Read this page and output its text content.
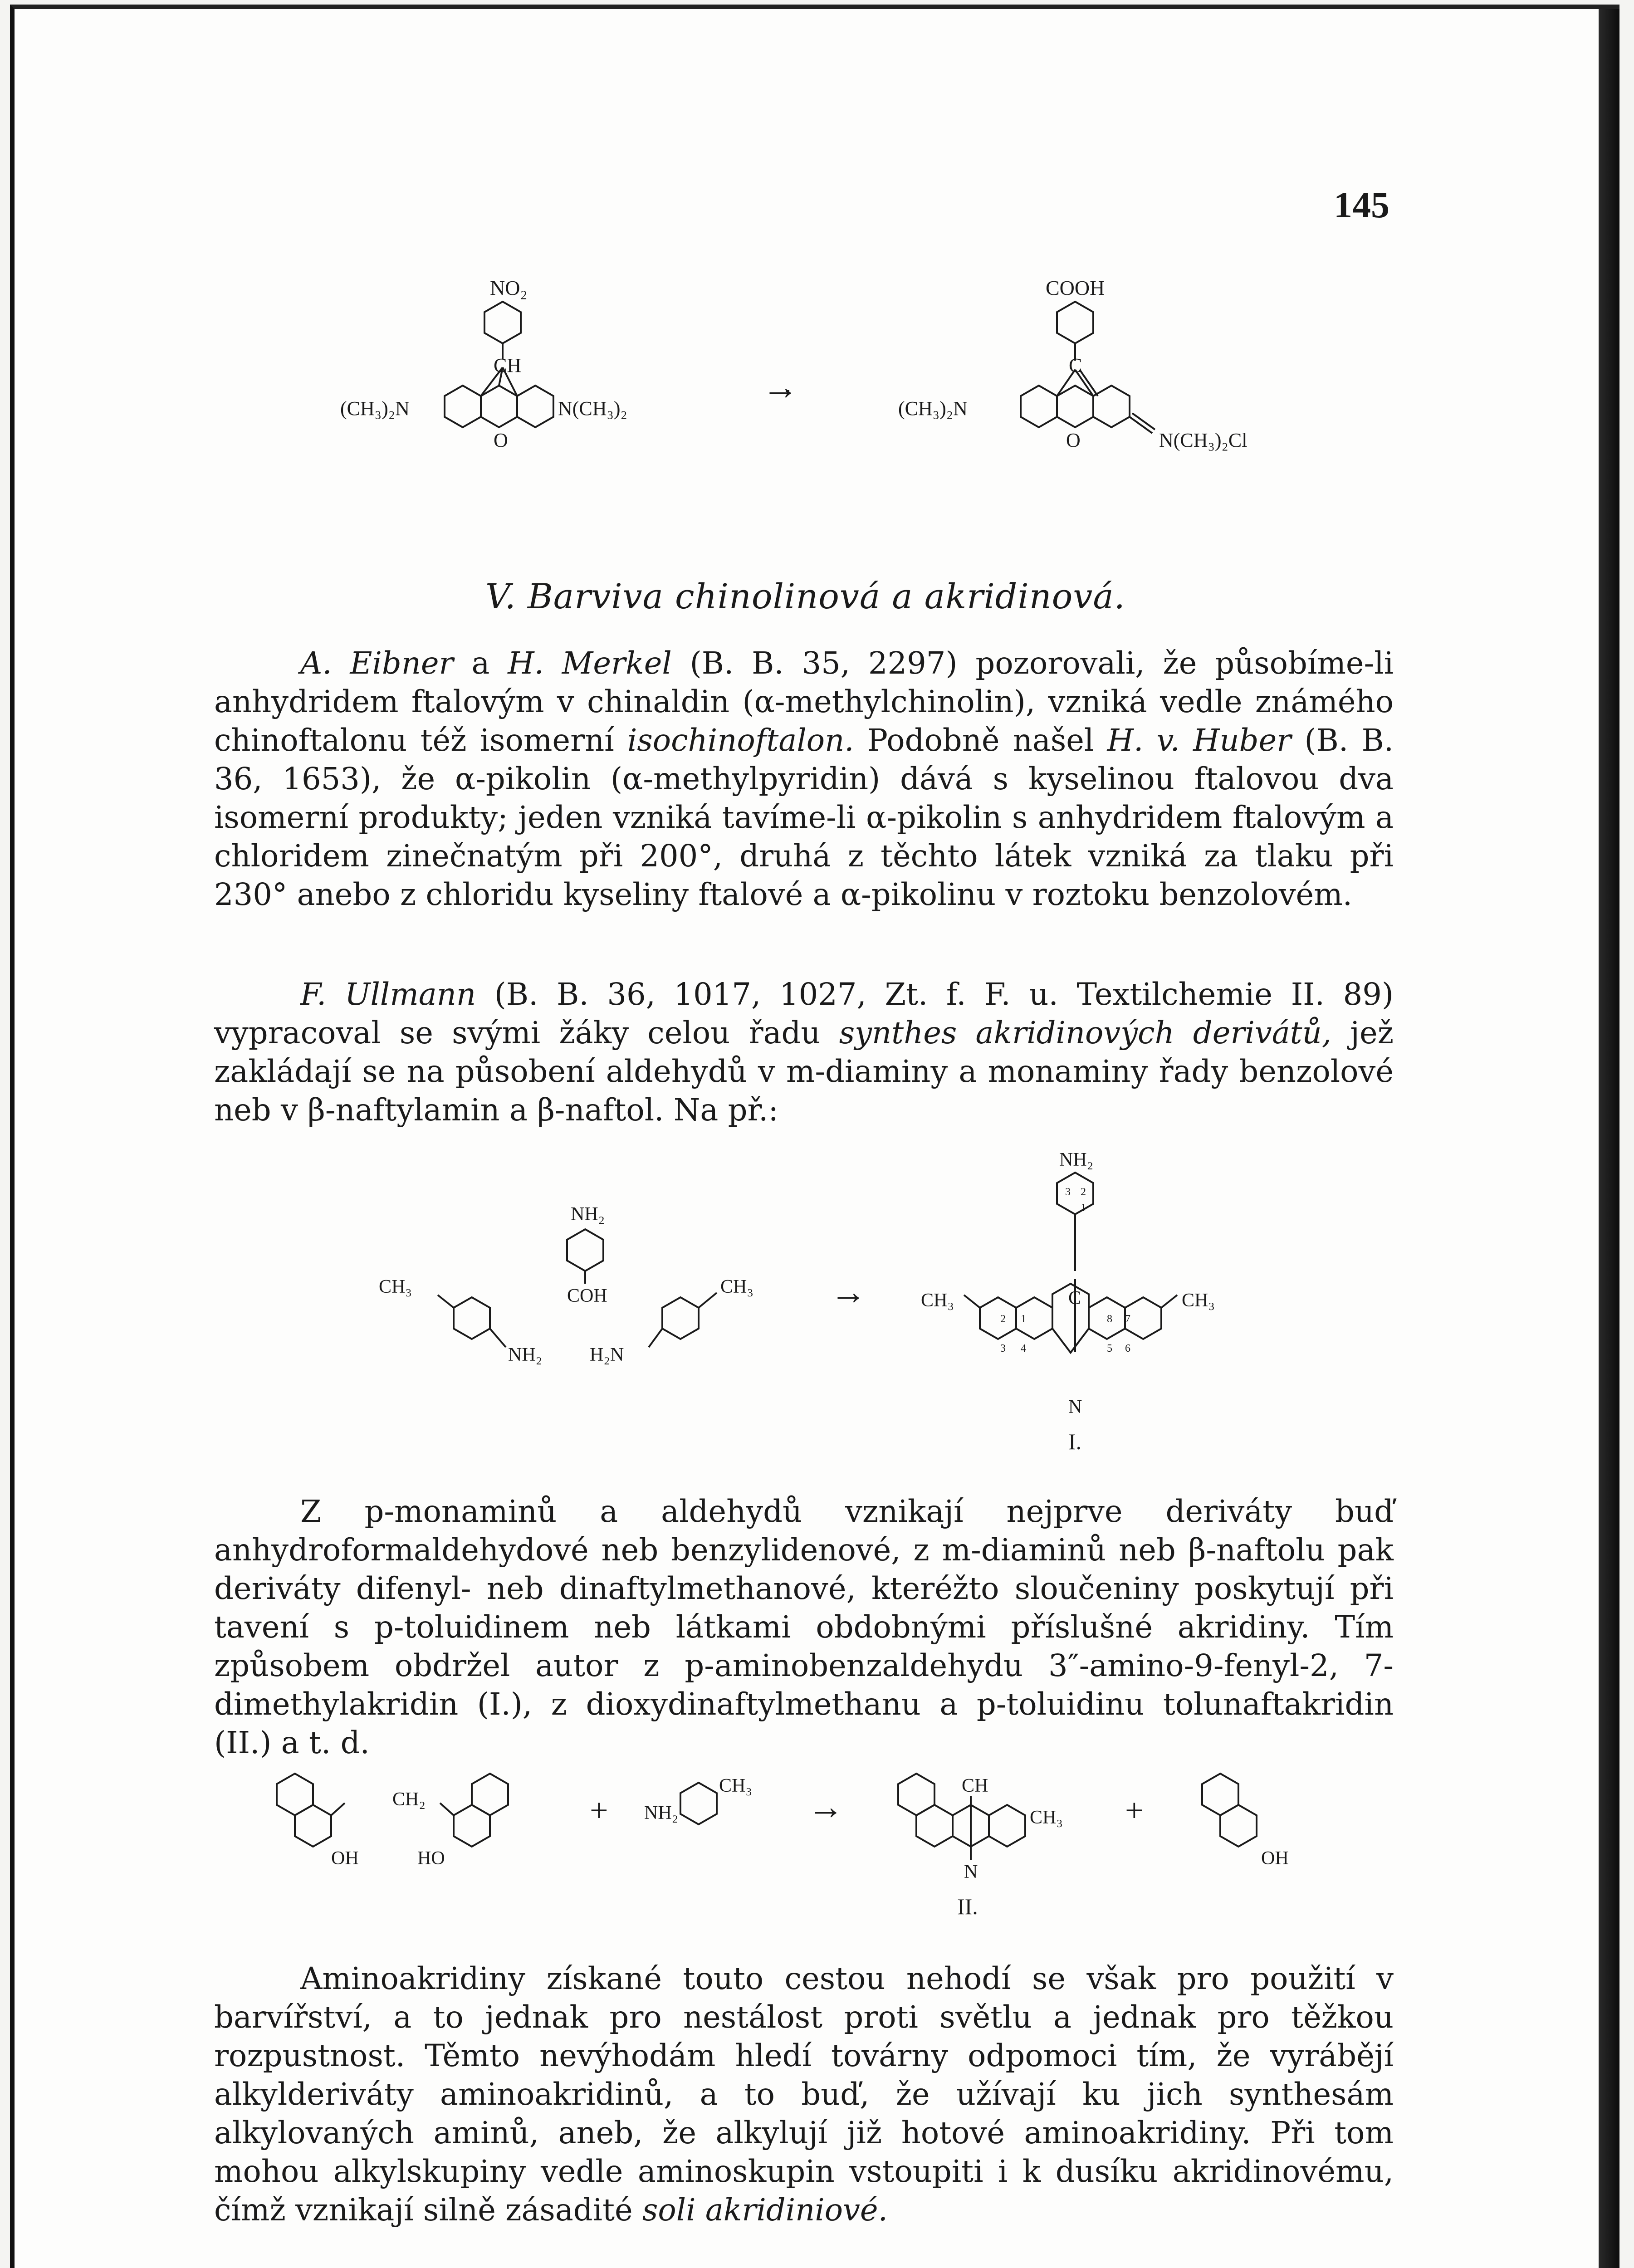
145
NO₂
CH
(CH₃)₂N	N(CH₃)₂
O
→
COOH
C
(CH₃)₂N
N(CH₃)₂Cl
O
V. Barviva chinolinová a akridinová.

A. Eibner a H. Merkel (B. B. 35, 2297) pozorovali, že působíme-li anhydridem ftalovým v chinaldin (α-methylchinolin), vzniká vedle známého chinoftalonu též isomerní isochinoftalon. Podobně našel H. v. Huber (B. B. 36, 1653), že α-pikolin (α-methylpyridin) dává s kyselinou ftalovou dva isomerní produkty; jeden vzniká tavíme-li α-pikolin s anhydridem ftalovým a chloridem zinečnatým při 200°, druhá z těchto látek vzniká za tlaku při 230° anebo z chloridu kyseliny ftalové a α-pikolinu v roztoku benzolovém.

F. Ullmann (B. B. 36, 1017, 1027, Zt. f. F. u. Textilchemie II. 89) vypracoval se svými žáky celou řadu synthes akridinových derivátů, jež zakládají se na působení aldehydů v m-diaminy a monaminy řady benzolové neb v β-naftylamin a β-naftol. Na př.:

CH₃
NH₂
COH	CH₃
NH₂ H₂N
→
NH₂
C
N
CH₃	CH₃
I.
3 2
1
2 1
3 4
8 7
5 6

Z p-monaminů a aldehydů vznikají nejprve deriváty buď anhydroformaldehydové neb benzylidenové, z m-diaminů neb β-naftolu pak deriváty difenyl- neb dinaftylmethanové, kteréžto sloučeniny poskytují při tavení s p-toluidinem neb látkami obdobnými příslušné akridiny. Tím způsobem obdržel autor z p-aminobenzaldehydu 3″-amino-9-fenyl-2, 7-dimethylakridin (I.), z dioxydinaftylmethanu a p-toluidinu tolunaftakridin (II.) a t. d.

CH₂
OH	HO
+ NH₂
CH₃
→
CH
N
CH₃
II.
+
OH

Aminoakridiny získané touto cestou nehodí se však pro použití v barvířství, a to jednak pro nestálost proti světlu a jednak pro těžkou rozpustnost. Těmto nevýhodám hledí továrny odpomoci tím, že vyrábějí alkylderiváty aminoakridinů, a to buď, že užívají ku jich synthesám alkylovaných aminů, aneb, že alkylují již hotové aminoakridiny. Při tom mohou alkylskupiny vedle aminoskupin vstoupiti i k dusíku akridinovému, čímž vznikají silně zásadité soli akridiniové.
